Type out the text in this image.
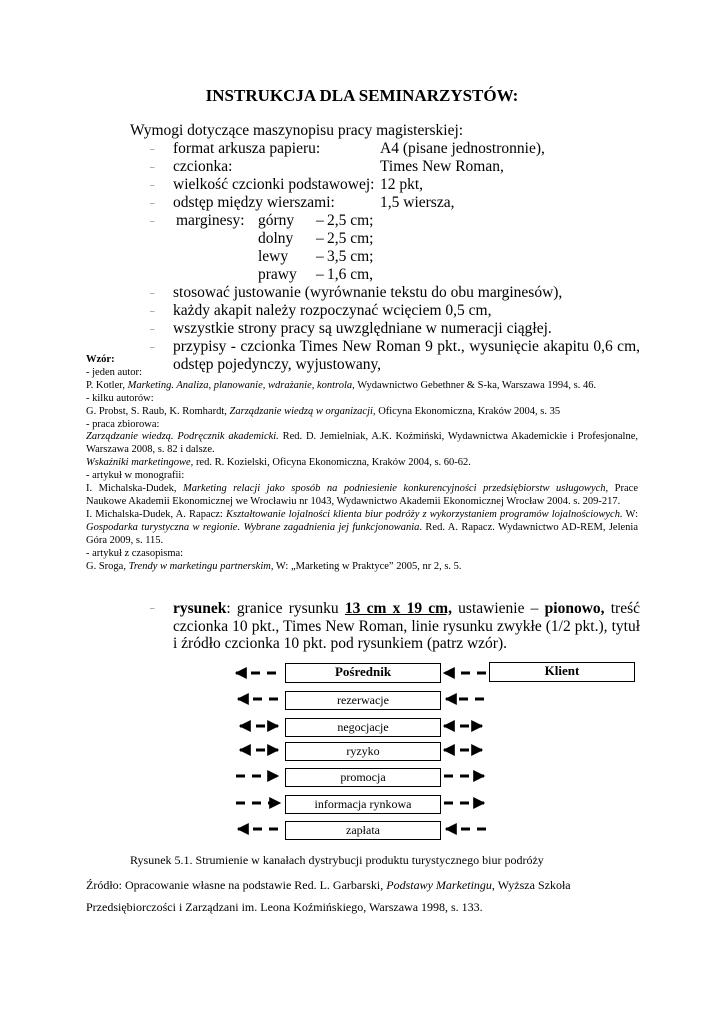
INSTRUKCJA DLA SEMINARZYSTÓW:
Wymogi dotyczące maszynopisu pracy magisterskiej:
– format arkusza papieru:	A4 (pisane jednostronnie),
– czcionka:	Times New Roman,
– wielkość czcionki podstawowej: 12 pkt,
– odstęp między wierszami:	1,5 wiersza,
– marginesy: górny – 2,5 cm;
dolny – 2,5 cm;
lewy – 3,5 cm;
prawy – 1,6 cm,
– stosować justowanie (wyrównanie tekstu do obu marginesów),
– każdy akapit należy rozpoczynać wcięciem 0,5 cm,
– wszystkie strony pracy są uwzględniane w numeracji ciągłej.
– przypisy - czcionka Times New Roman 9 pkt., wysunięcie akapitu 0,6 cm, odstęp pojedynczy, wyjustowany,
Wzór:

- jeden autor:

P. Kotler, Marketing. Analiza, planowanie, wdrażanie, kontrola, Wydawnictwo Gebethner & S-ka, Warszawa 1994, s. 46.

- kilku autorów:

G. Probst, S. Raub, K. Romhardt, Zarządzanie wiedzą w organizacji, Oficyna Ekonomiczna, Kraków 2004, s. 35

- praca zbiorowa:

Zarządzanie wiedzą. Podręcznik akademicki. Red. D. Jemielniak, A.K. Koźmiński, Wydawnictwa Akademickie i Profesjonalne, Warszawa 2008, s. 82 i dalsze.

Wskaźniki marketingowe, red. R. Kozielski, Oficyna Ekonomiczna, Kraków 2004, s. 60-62.

- artykuł w monografii:

I. Michalska-Dudek, Marketing relacji jako sposób na podniesienie konkurencyjności przedsiębiorstw usługowych, Prace Naukowe Akademii Ekonomicznej we Wrocławiu nr 1043, Wydawnictwo Akademii Ekonomicznej Wrocław 2004. s. 209-217.

I. Michalska-Dudek, A. Rapacz: Kształtowanie lojalności klienta biur podróży z wykorzystaniem programów lojalnościowych. W: Gospodarka turystyczna w regionie. Wybrane zagadnienia jej funkcjonowania. Red. A. Rapacz. Wydawnictwo AD-REM, Jelenia Góra 2009, s. 115.

- artykuł z czasopisma:

G. Sroga, Trendy w marketingu partnerskim, W: „Marketing w Praktyce” 2005, nr 2, s. 5.

– rysunek: granice rysunku 13 cm x 19 cm, ustawienie – pionowo, treść czcionka 10 pkt., Times New Roman, linie rysunku zwykłe (1/2 pkt.), tytuł i źródło czcionka 10 pkt. pod rysunkiem (patrz wzór).
Pośrednik	Klient
rezerwacje
negocjacje
ryzyko
promocja
informacja rynkowa
zapłata
Rysunek 5.1. Strumienie w kanałach dystrybucji produktu turystycznego biur podróży
Źródło: Opracowanie własne na podstawie Red. L. Garbarski, Podstawy Marketingu, Wyższa Szkoła Przedsiębiorczości i Zarządzani im. Leona Koźmińskiego, Warszawa 1998, s. 133.
